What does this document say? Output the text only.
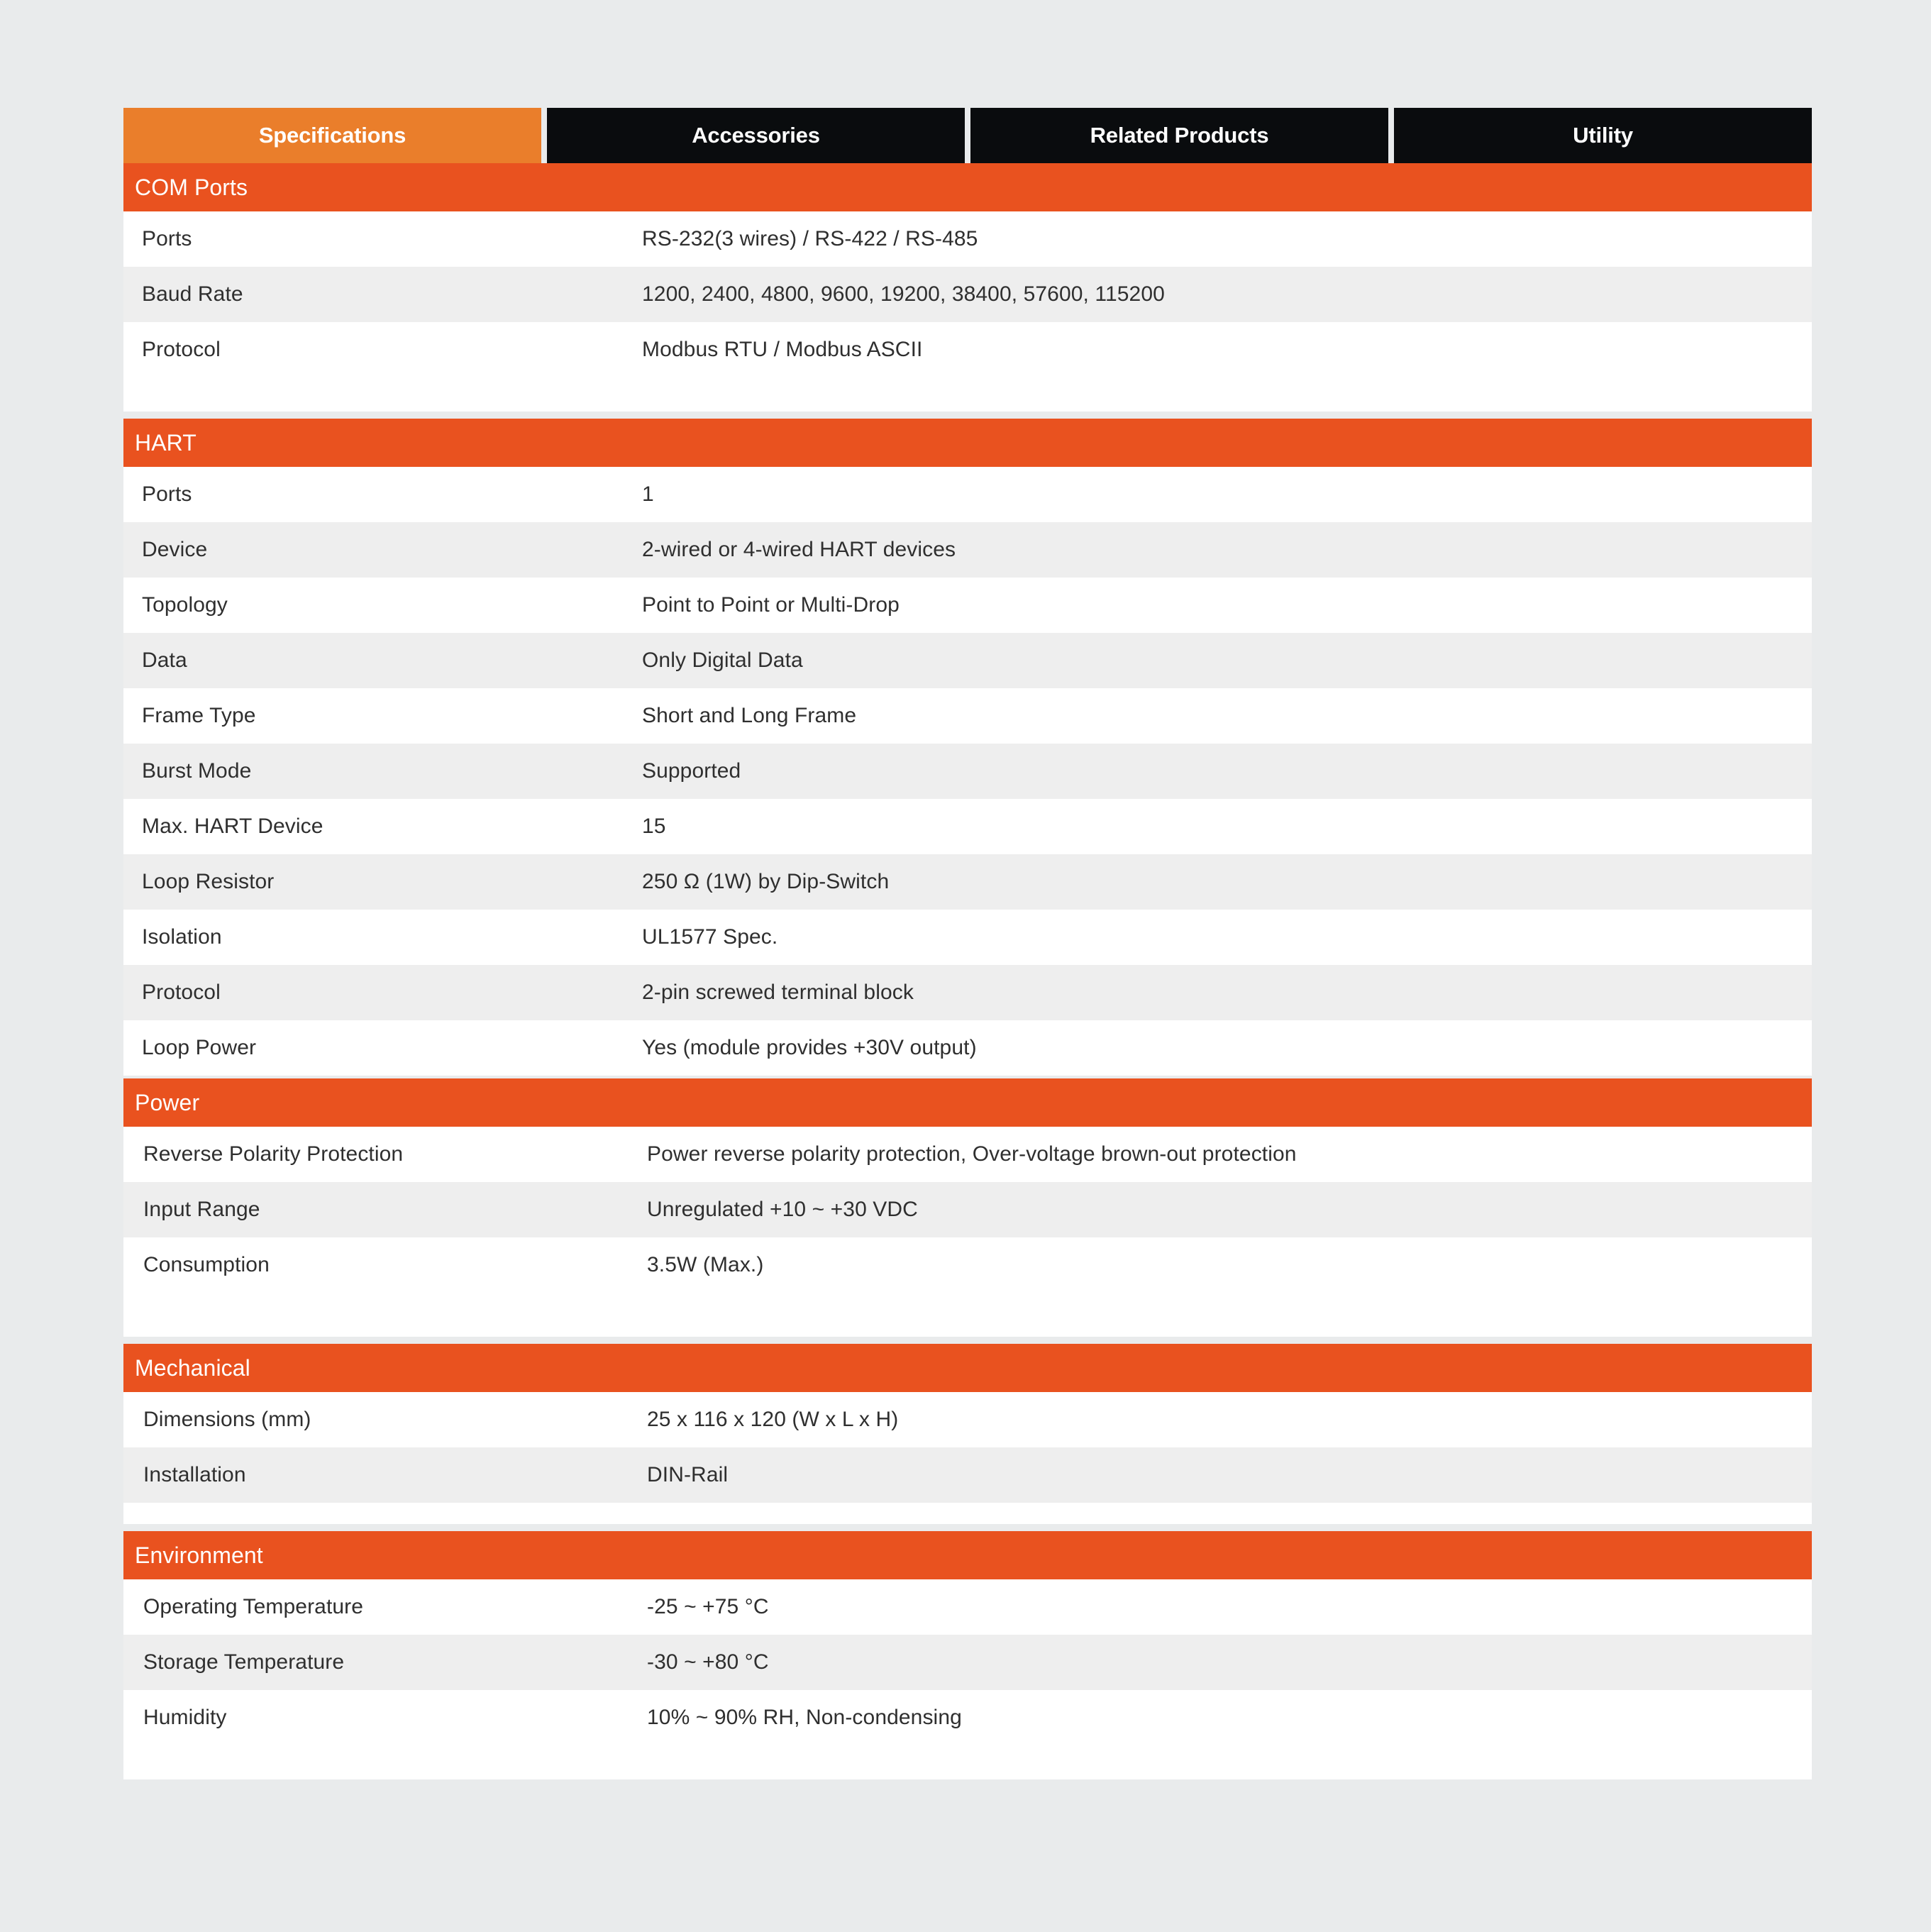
Specifications	Accessories	Related Products	Utility
COM Ports
Ports	RS-232(3 wires) / RS-422 / RS-485
Baud Rate	1200, 2400, 4800, 9600, 19200, 38400, 57600, 115200
Protocol	Modbus RTU / Modbus ASCII
HART
Ports	1
Device	2-wired or 4-wired HART devices
Topology	Point to Point or Multi-Drop
Data	Only Digital Data
Frame Type	Short and Long Frame
Burst Mode	Supported
Max. HART Device	15
Loop Resistor	250 Ω (1W) by Dip-Switch
Isolation	UL1577 Spec.
Protocol	2-pin screwed terminal block
Loop Power	Yes (module provides +30V output)
Power
Reverse Polarity Protection	Power reverse polarity protection, Over-voltage brown-out protection
Input Range	Unregulated +10 ~ +30 VDC
Consumption	3.5W (Max.)
Mechanical
Dimensions (mm)	25 x 116 x 120 (W x L x H)
Installation	DIN-Rail
Environment
Operating Temperature	-25 ~ +75 °C
Storage Temperature	-30 ~ +80 °C
Humidity	10% ~ 90% RH, Non-condensing
